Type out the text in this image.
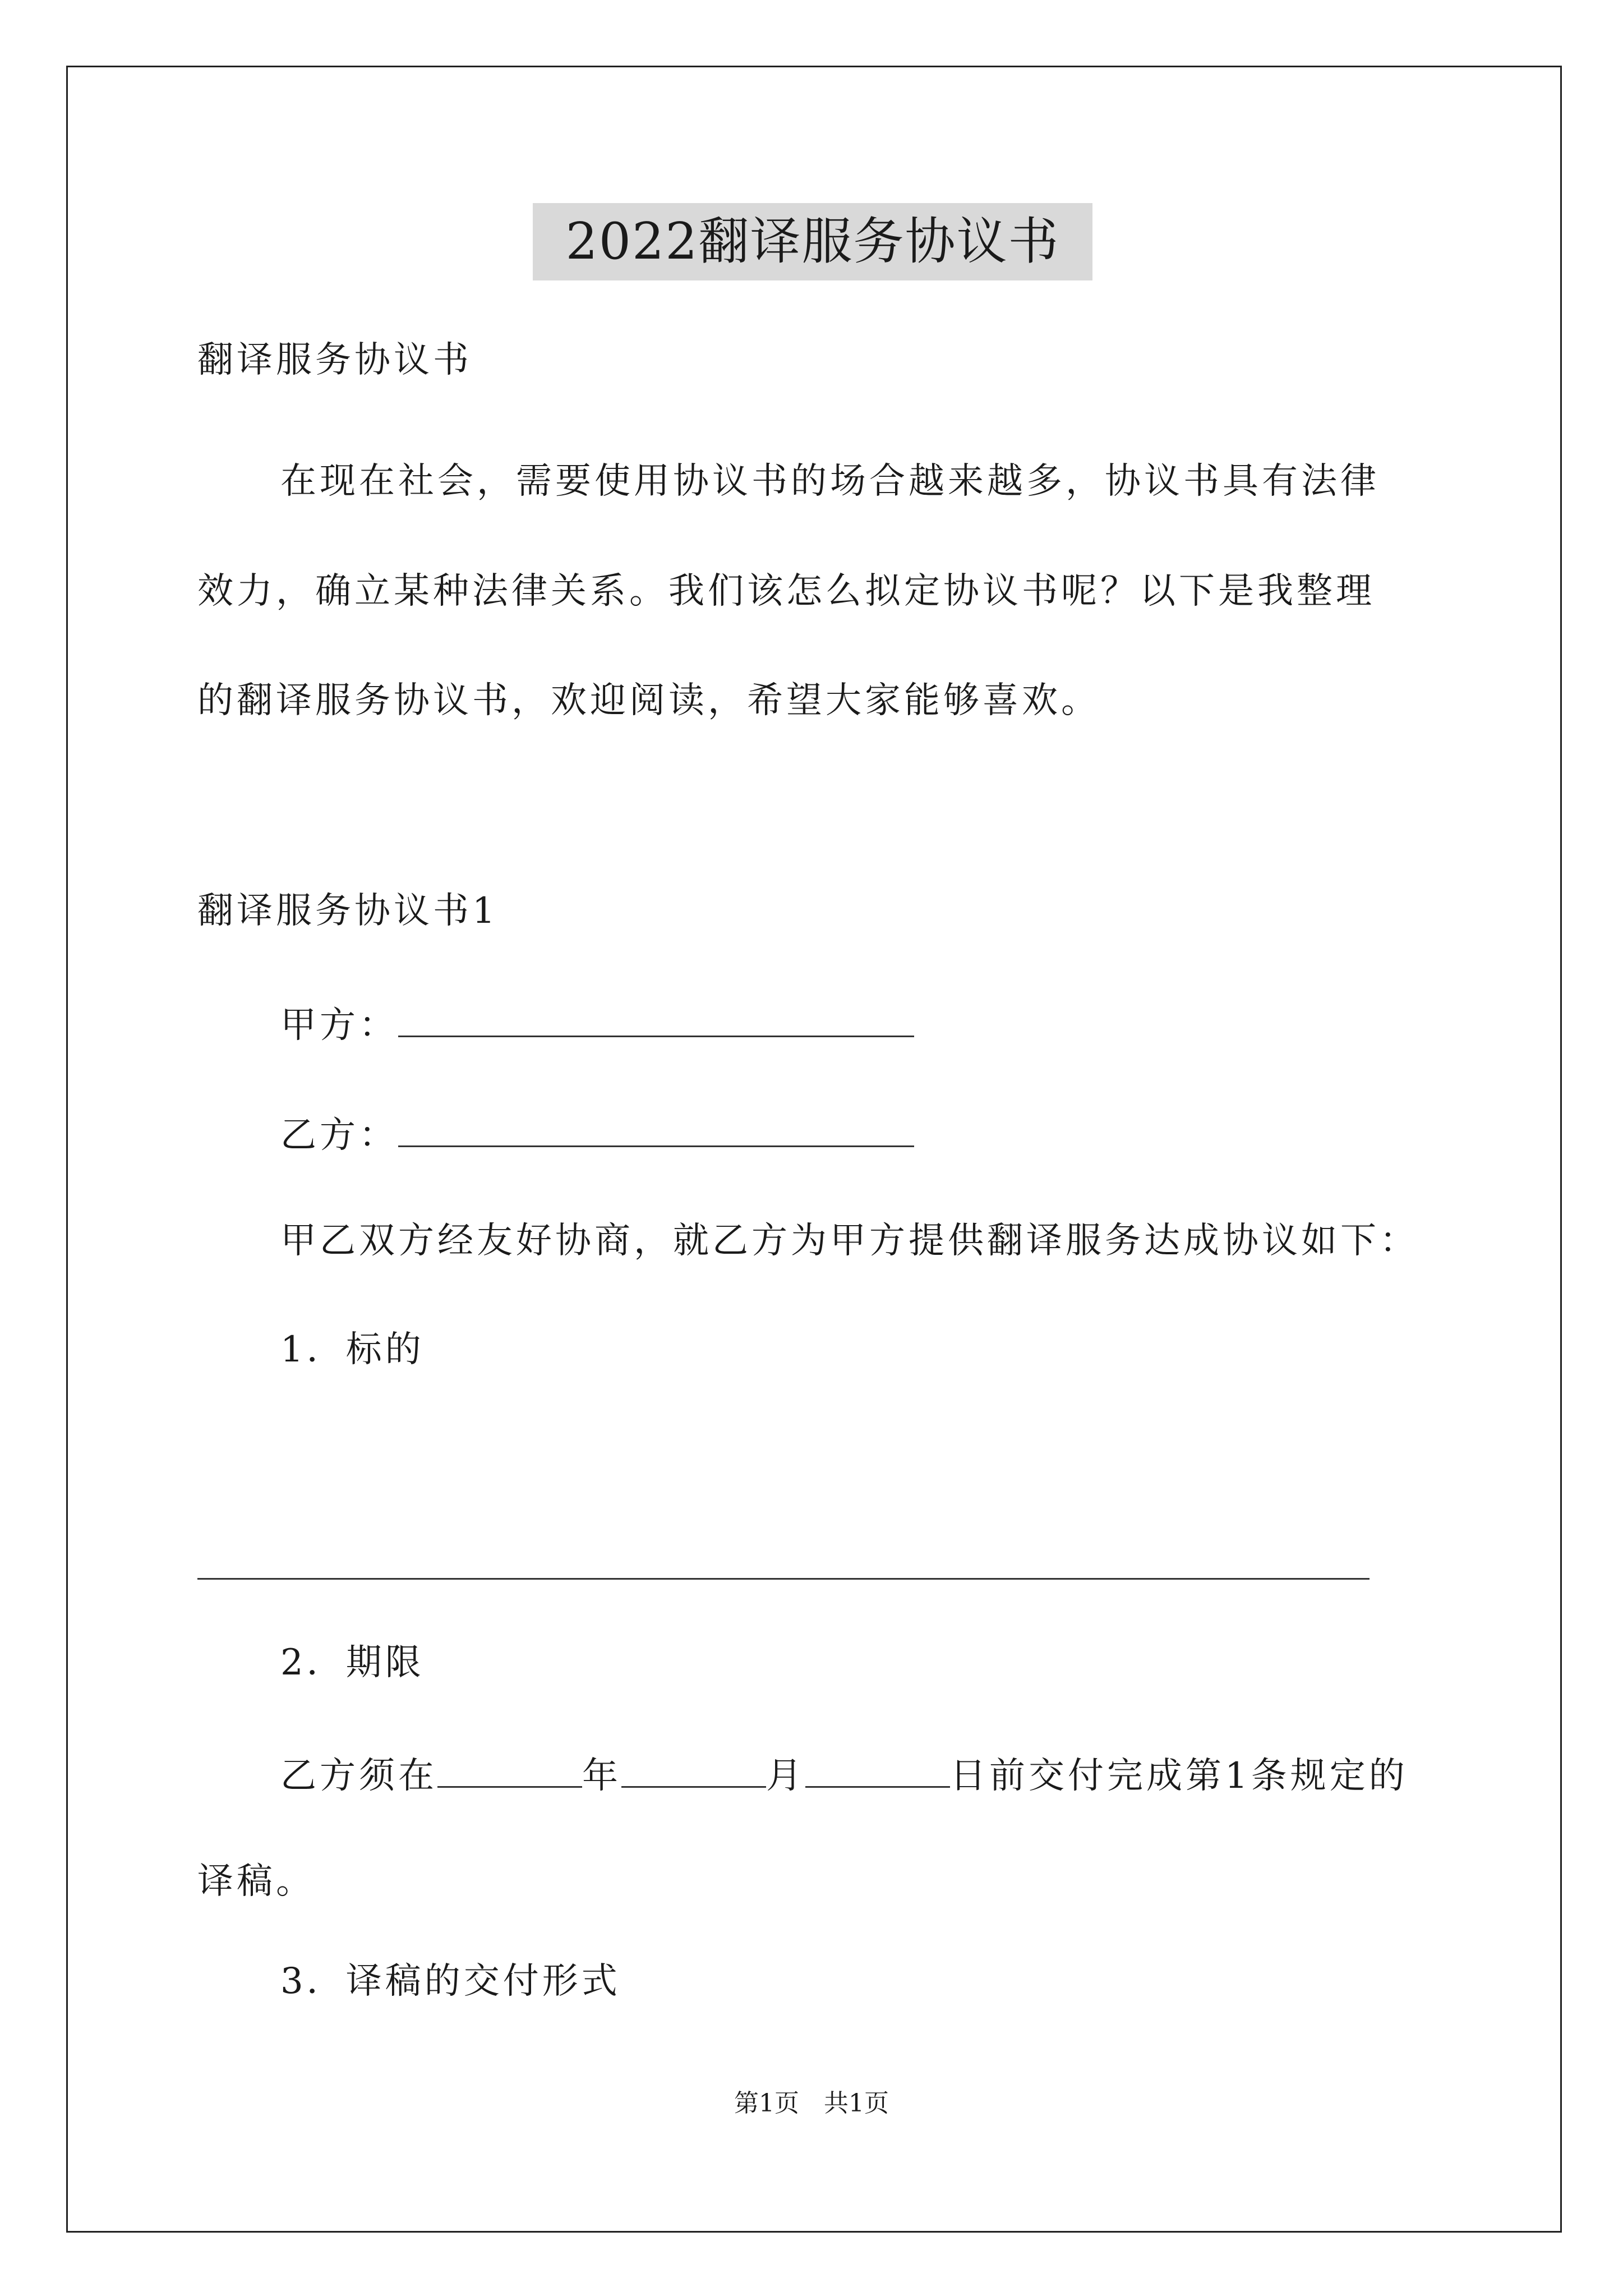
2022翻译服务协议书
翻译服务协议书
在现在社会，需要使用协议书的场合越来越多，协议书具有法律
效力，确立某种法律关系。我们该怎么拟定协议书呢？以下是我整理
的翻译服务协议书，欢迎阅读，希望大家能够喜欢。
翻译服务协议书1
甲方：
乙方：
甲乙双方经友好协商，就乙方为甲方提供翻译服务达成协议如下：
1．标的
2．期限
乙方须在	年	月	日前交付完成第1条规定的
译稿。
3．译稿的交付形式
第1页　共1页
